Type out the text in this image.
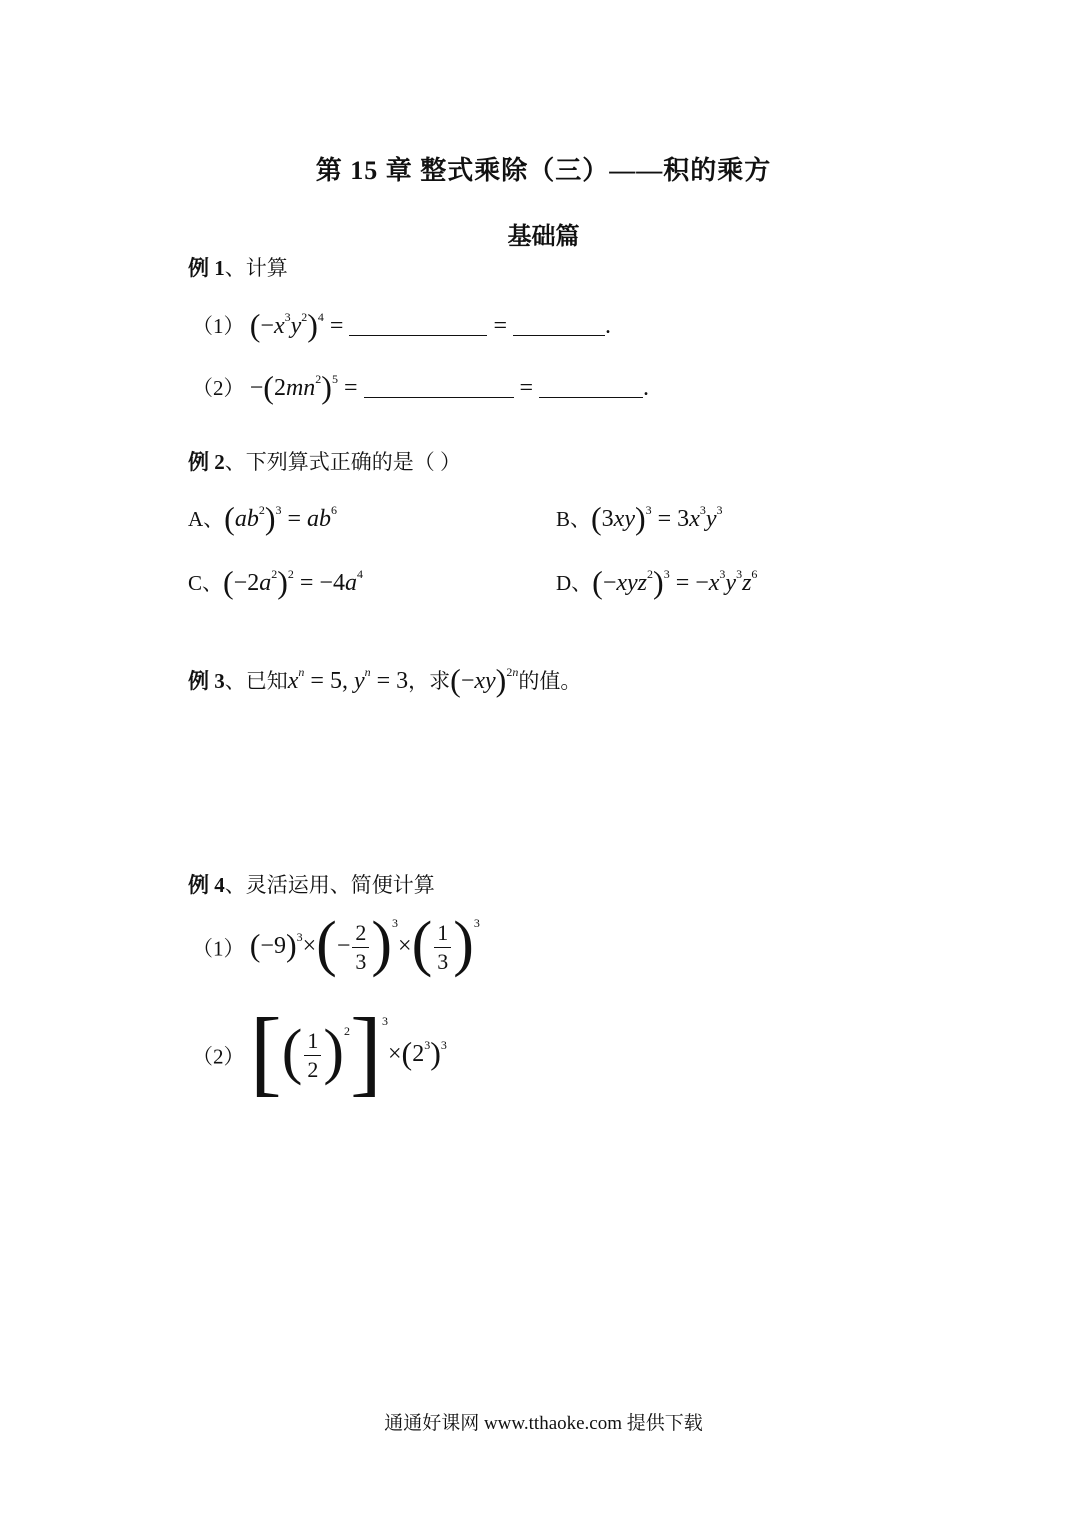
第 15 章 整式乘除（三）——积的乘方
基础篇
例 1、计算
（1） $(-x^3y^2)^4$ =	=	.
$(2) -(2mn^2)^5$ =	=	.
例 2、下列算式正确的是（ ）
A、$(ab^2)^3 = ab^6$	B、$(3xy)^3 = 3x^3y^3$
C、$(-2a^2)^2 = -4a^4$	D、$(-xyz^2)^3 = -x^3y^3z^6$
例 3、已知$x^n = 5$, $y^n = 3$，求$(-xy)^{2n}$的值。
例 4、灵活运用、简便计算
（1） $(-9)^3\times(- \frac{2}{3} )^3\times( \frac{1}{3} )^3$
（2） [( $\frac{1}{2} )^2]^3\times(2^3)^3$
通通好课网 www.tthaoke.com 提供下载
